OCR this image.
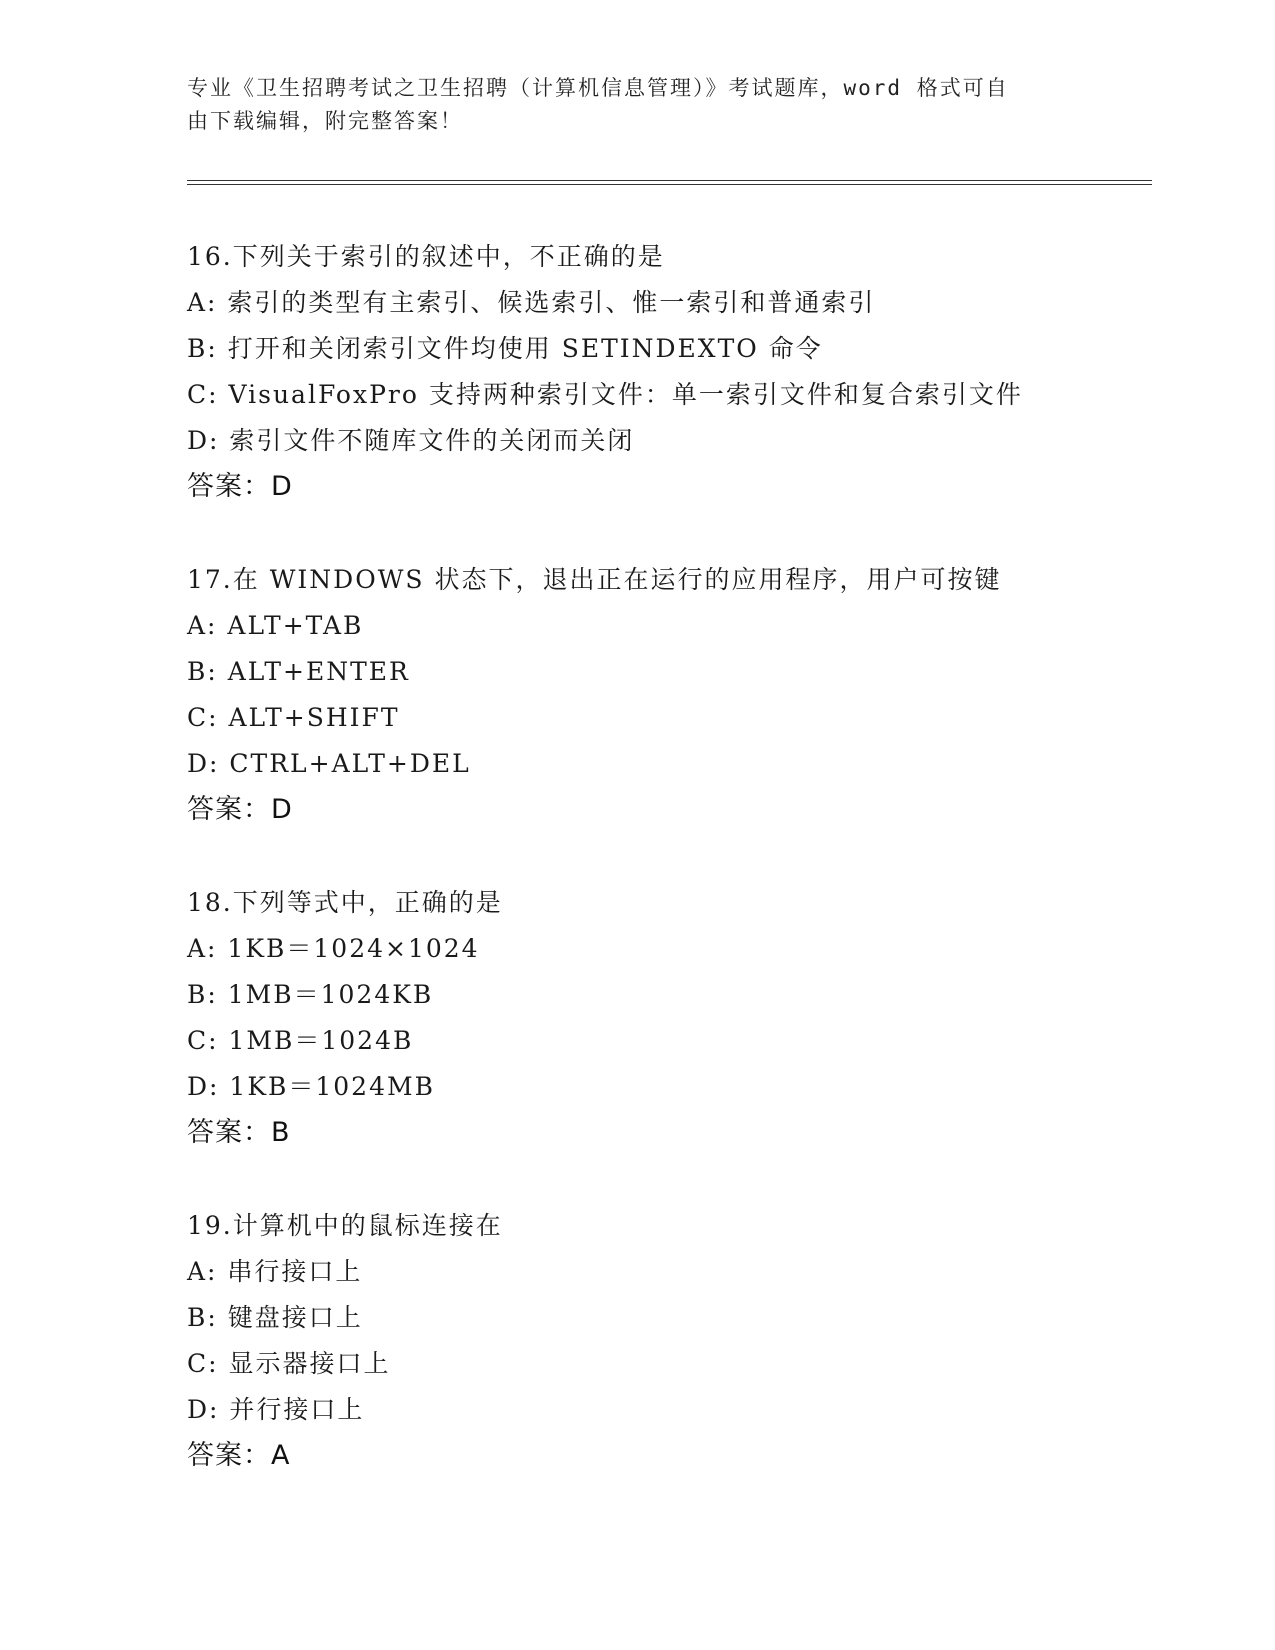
专业《卫生招聘考试之卫生招聘（计算机信息管理）》考试题库，word 格式可自
由下载编辑，附完整答案！
16.下列关于索引的叙述中，不正确的是
A: 索引的类型有主索引、候选索引、惟一索引和普通索引
B: 打开和关闭索引文件均使用 SETINDEXTO 命令
C: VisualFoxPro 支持两种索引文件：单一索引文件和复合索引文件
D: 索引文件不随库文件的关闭而关闭
答案：D
17.在 WINDOWS 状态下，退出正在运行的应用程序，用户可按键
A: ALT+TAB
B: ALT+ENTER
C: ALT+SHIFT
D: CTRL+ALT+DEL
答案：D
18.下列等式中，正确的是
A: 1KB＝1024×1024
B: 1MB＝1024KB
C: 1MB＝1024B
D: 1KB＝1024MB
答案：B
19.计算机中的鼠标连接在
A: 串行接口上
B: 键盘接口上
C: 显示器接口上
D: 并行接口上
答案：A
